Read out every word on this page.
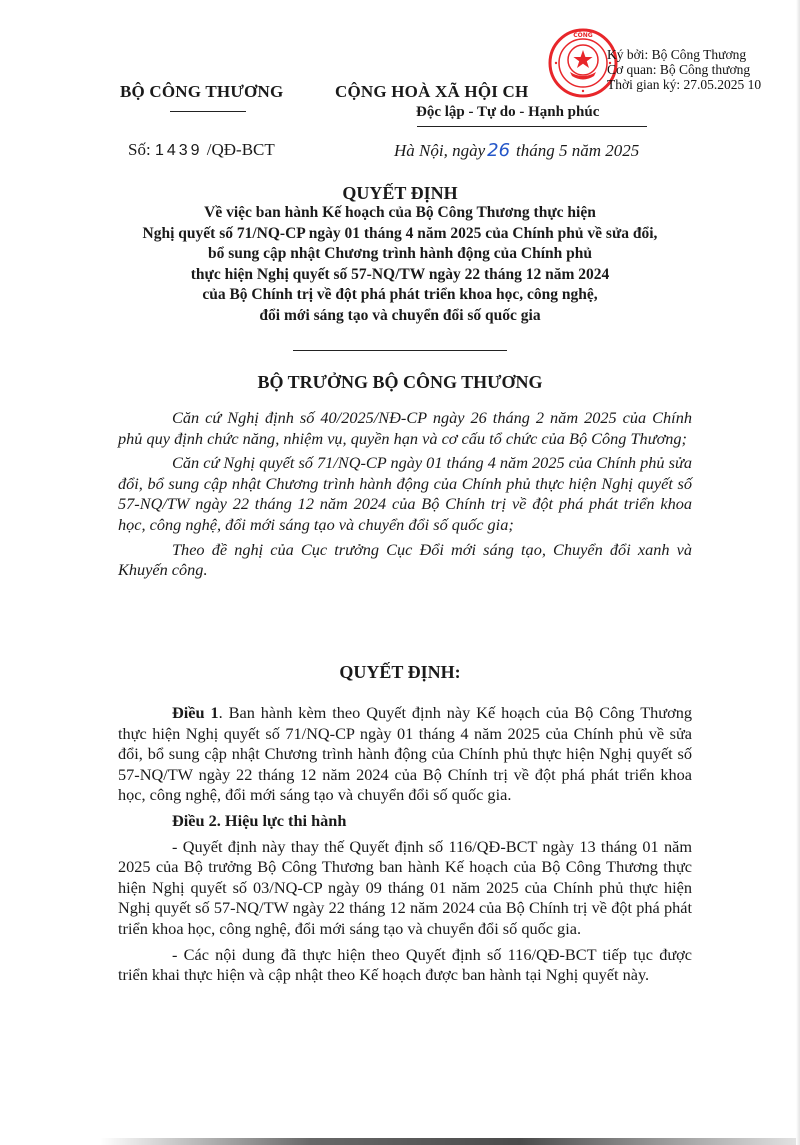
BỘ CÔNG THƯƠNG	CỘNG HOÀ XÃ HỘI CH
Độc lập - Tự do - Hạnh phúc
Số: 1439 /QĐ-BCT	Hà Nội, ngày 26 tháng 5 năm 2025
CÔNG
Ký bởi: Bộ Công Thương
Cơ quan: Bộ Công thương
Thời gian ký: 27.05.2025 10
QUYẾT ĐỊNH
Về việc ban hành Kế hoạch của Bộ Công Thương thực hiện
Nghị quyết số 71/NQ-CP ngày 01 tháng 4 năm 2025 của Chính phủ về sửa đổi,
bổ sung cập nhật Chương trình hành động của Chính phủ
thực hiện Nghị quyết số 57-NQ/TW ngày 22 tháng 12 năm 2024
của Bộ Chính trị về đột phá phát triển khoa học, công nghệ,
đổi mới sáng tạo và chuyển đổi số quốc gia
BỘ TRƯỞNG BỘ CÔNG THƯƠNG

Căn cứ Nghị định số 40/2025/NĐ-CP ngày 26 tháng 2 năm 2025 của Chính phủ quy định chức năng, nhiệm vụ, quyền hạn và cơ cấu tổ chức của Bộ Công Thương;

Căn cứ Nghị quyết số 71/NQ-CP ngày 01 tháng 4 năm 2025 của Chính phủ sửa đổi, bổ sung cập nhật Chương trình hành động của Chính phủ thực hiện Nghị quyết số 57-NQ/TW ngày 22 tháng 12 năm 2024 của Bộ Chính trị về đột phá phát triển khoa học, công nghệ, đổi mới sáng tạo và chuyển đổi số quốc gia;

Theo đề nghị của Cục trưởng Cục Đổi mới sáng tạo, Chuyển đổi xanh và Khuyến công.

QUYẾT ĐỊNH:

Điều 1. Ban hành kèm theo Quyết định này Kế hoạch của Bộ Công Thương thực hiện Nghị quyết số 71/NQ-CP ngày 01 tháng 4 năm 2025 của Chính phủ về sửa đổi, bổ sung cập nhật Chương trình hành động của Chính phủ thực hiện Nghị quyết số 57-NQ/TW ngày 22 tháng 12 năm 2024 của Bộ Chính trị về đột phá phát triển khoa học, công nghệ, đổi mới sáng tạo và chuyển đổi số quốc gia.

Điều 2. Hiệu lực thi hành

- Quyết định này thay thế Quyết định số 116/QĐ-BCT ngày 13 tháng 01 năm 2025 của Bộ trưởng Bộ Công Thương ban hành Kế hoạch của Bộ Công Thương thực hiện Nghị quyết số 03/NQ-CP ngày 09 tháng 01 năm 2025 của Chính phủ thực hiện Nghị quyết số 57-NQ/TW ngày 22 tháng 12 năm 2024 của Bộ Chính trị về đột phá phát triển khoa học, công nghệ, đổi mới sáng tạo và chuyển đổi số quốc gia.

- Các nội dung đã thực hiện theo Quyết định số 116/QĐ-BCT tiếp tục được triển khai thực hiện và cập nhật theo Kế hoạch được ban hành tại Nghị quyết này.
